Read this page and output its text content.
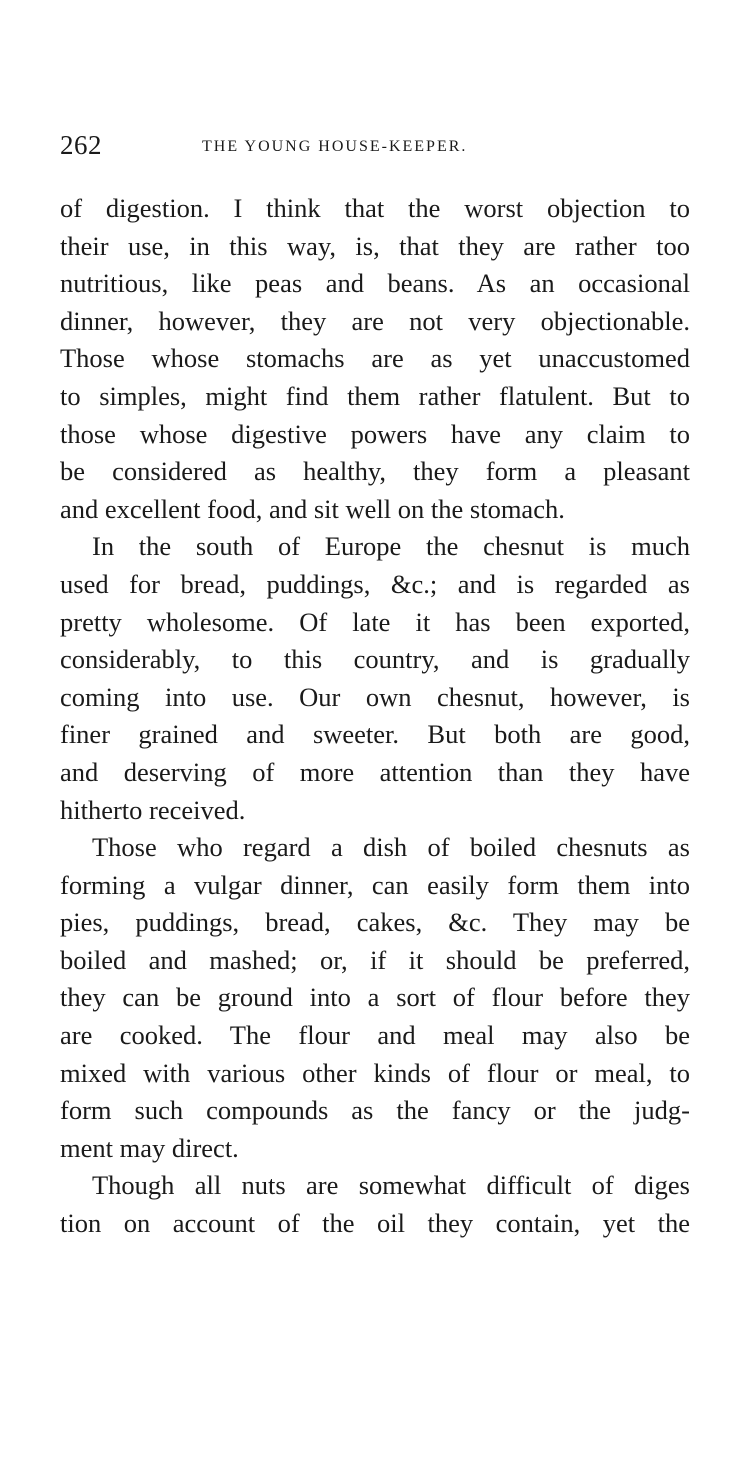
262	THE YOUNG HOUSE-KEEPER.
of digestion. I think that the worst objection to
their use, in this way, is, that they are rather too
nutritious, like peas and beans. As an occasional
dinner, however, they are not very objectionable.
Those whose stomachs are as yet unaccustomed
to simples, might find them rather flatulent. But to
those whose digestive powers have any claim to
be considered as healthy, they form a pleasant
and excellent food, and sit well on the stomach.
In the south of Europe the chesnut is much
used for bread, puddings, &c.; and is regarded as
pretty wholesome. Of late it has been exported,
considerably, to this country, and is gradually
coming into use. Our own chesnut, however, is
finer grained and sweeter. But both are good,
and deserving of more attention than they have
hitherto received.
Those who regard a dish of boiled chesnuts as
forming a vulgar dinner, can easily form them into
pies, puddings, bread, cakes, &c. They may be
boiled and mashed; or, if it should be preferred,
they can be ground into a sort of flour before they
are cooked. The flour and meal may also be
mixed with various other kinds of flour or meal, to
form such compounds as the fancy or the judg-
ment may direct.
Though all nuts are somewhat difficult of diges
tion on account of the oil they contain, yet the
